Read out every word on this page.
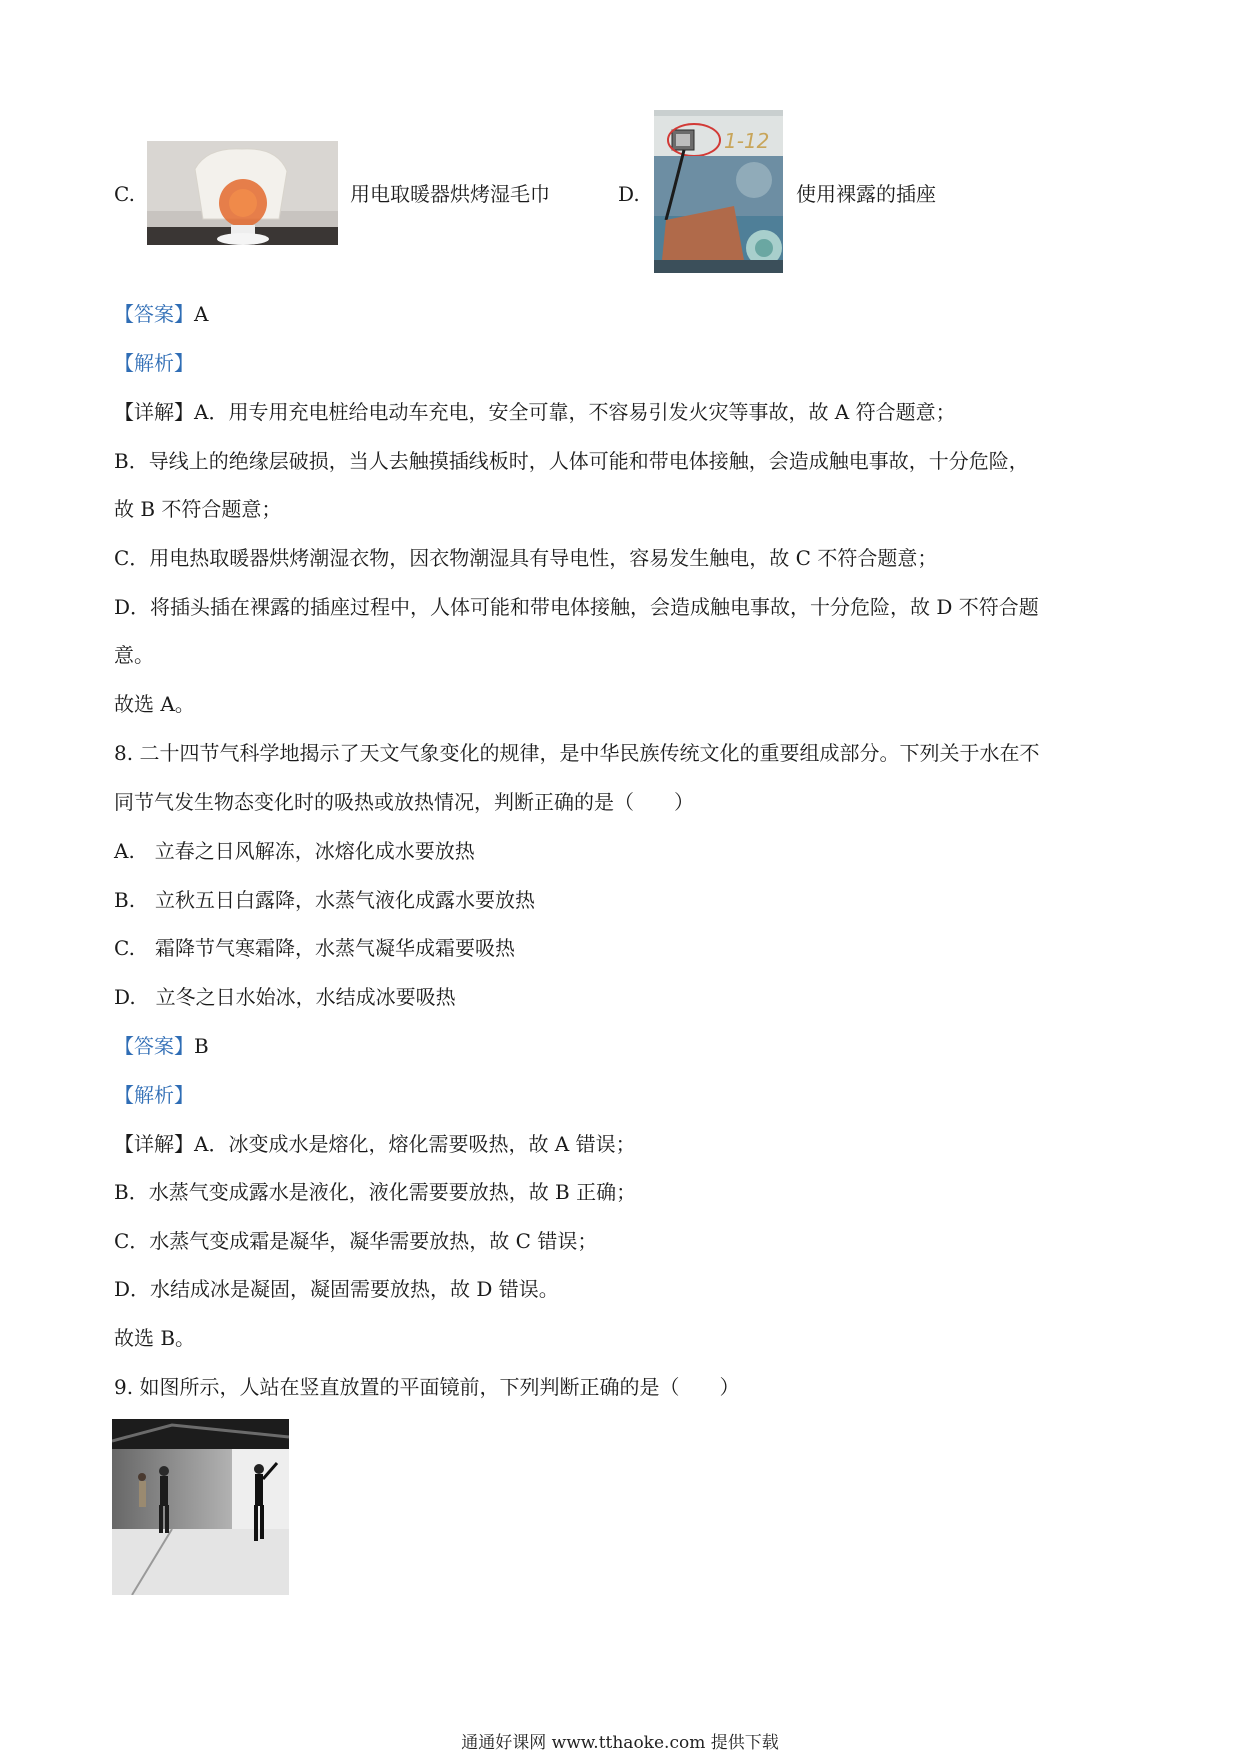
C.	用电取暖器烘烤湿毛巾	D.
1-12
使用裸露的插座
【答案】A
【解析】
【详解】A．用专用充电桩给电动车充电，安全可靠，不容易引发火灾等事故，故 A 符合题意；
B．导线上的绝缘层破损，当人去触摸插线板时，人体可能和带电体接触，会造成触电事故，十分危险，
故 B 不符合题意；
C．用电热取暖器烘烤潮湿衣物，因衣物潮湿具有导电性，容易发生触电，故 C 不符合题意；
D．将插头插在裸露的插座过程中，人体可能和带电体接触，会造成触电事故，十分危险，故 D 不符合题
意。
故选 A。
8. 二十四节气科学地揭示了天文气象变化的规律，是中华民族传统文化的重要组成部分。下列关于水在不
同节气发生物态变化时的吸热或放热情况，判断正确的是（　　）
A.　立春之日风解冻，冰熔化成水要放热
B.　立秋五日白露降，水蒸气液化成露水要放热
C.　霜降节气寒霜降，水蒸气凝华成霜要吸热
D.　立冬之日水始冰，水结成冰要吸热
【答案】B
【解析】
【详解】A．冰变成水是熔化，熔化需要吸热，故 A 错误；
B．水蒸气变成露水是液化，液化需要要放热，故 B 正确；
C．水蒸气变成霜是凝华，凝华需要放热，故 C 错误；
D．水结成冰是凝固，凝固需要放热，故 D 错误。
故选 B。
9. 如图所示，人站在竖直放置的平面镜前，下列判断正确的是（　　）
通通好课网 www.tthaoke.com 提供下载
